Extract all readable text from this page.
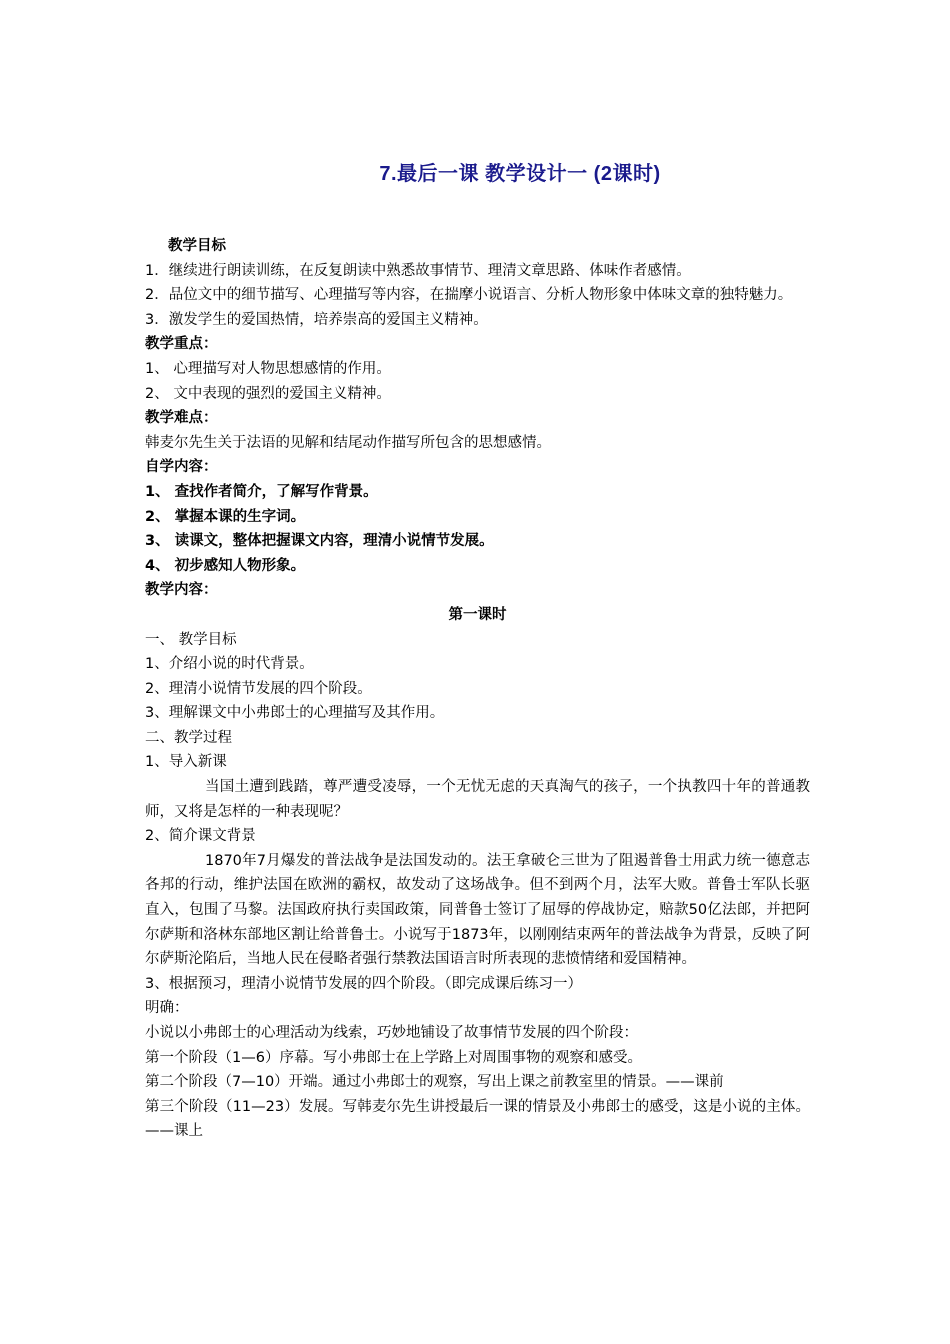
7.最后一课 教学设计一 (2课时)

教学目标

1．继续进行朗读训练，在反复朗读中熟悉故事情节、理清文章思路、体味作者感情。

2．品位文中的细节描写、心理描写等内容，在揣摩小说语言、分析人物形象中体味文章的独特魅力。

3．激发学生的爱国热情，培养崇高的爱国主义精神。

教学重点：

1、 心理描写对人物思想感情的作用。

2、 文中表现的强烈的爱国主义精神。

教学难点：

韩麦尔先生关于法语的见解和结尾动作描写所包含的思想感情。

自学内容：

1、 查找作者简介，了解写作背景。

2、 掌握本课的生字词。

3、 读课文，整体把握课文内容，理清小说情节发展。

4、 初步感知人物形象。

教学内容：

第一课时

一、 教学目标

1、介绍小说的时代背景。

2、理清小说情节发展的四个阶段。

3、理解课文中小弗郎士的心理描写及其作用。

二、教学过程

1、导入新课

当国土遭到践踏，尊严遭受凌辱，一个无忧无虑的天真淘气的孩子，一个执教四十年的普通教师，又将是怎样的一种表现呢？

2、简介课文背景

1870年7月爆发的普法战争是法国发动的。法王拿破仑三世为了阻遏普鲁士用武力统一德意志各邦的行动，维护法国在欧洲的霸权，故发动了这场战争。但不到两个月，法军大败。普鲁士军队长驱直入，包围了马黎。法国政府执行卖国政策，同普鲁士签订了屈辱的停战协定，赔款50亿法郎，并把阿尔萨斯和洛林东部地区割让给普鲁士。小说写于1873年，以刚刚结束两年的普法战争为背景，反映了阿尔萨斯沦陷后，当地人民在侵略者强行禁教法国语言时所表现的悲愤情绪和爱国精神。

3、根据预习，理清小说情节发展的四个阶段。（即完成课后练习一）

明确：

小说以小弗郎士的心理活动为线索，巧妙地铺设了故事情节发展的四个阶段：

第一个阶段（1—6）序幕。写小弗郎士在上学路上对周围事物的观察和感受。

第二个阶段（7—10）开端。通过小弗郎士的观察，写出上课之前教室里的情景。——课前

第三个阶段（11—23）发展。写韩麦尔先生讲授最后一课的情景及小弗郎士的感受，这是小说的主体。——课上
